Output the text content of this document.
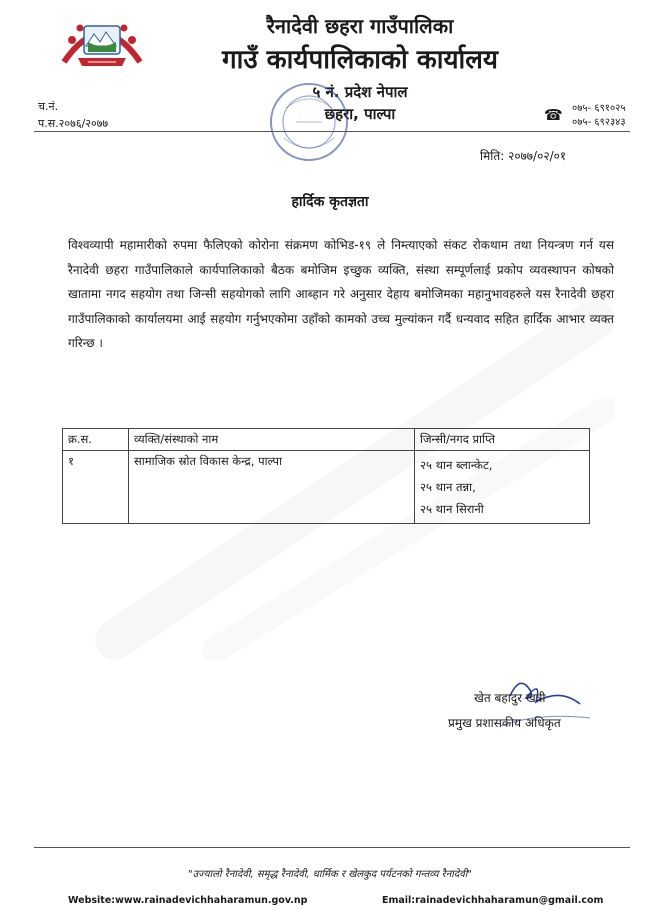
रैनादेवी छहरा गाउँपालिका
गाउँ कार्यपालिकाको कार्यालय
५ नं. प्रदेश नेपाल
छहरा, पाल्पा
च.नं.
प.स.२०७६/२०७७	☎ ०७५- ६९१०२५
०७५- ६९२३४३
मिति: २०७७/०२/०१
हार्दिक कृतज्ञता
विश्वव्यापी महामारीको रुपमा फैलिएको कोरोना संक्रमण कोभिड-१९ ले निम्त्याएको संकट रोकथाम तथा नियन्त्रण गर्न यस रैनादेवी छहरा गाउँपालिकाले कार्यपालिकाको बैठक बमोजिम इच्छुक व्यक्ति, संस्था सम्पूर्णलाई प्रकोप व्यवस्थापन कोषको खातामा नगद सहयोग तथा जिन्सी सहयोगको लागि आब्हान गरे अनुसार देहाय बमोजिमका महानुभावहरुले यस रैनादेवी छहरा गाउँपालिकाको कार्यालयमा आई सहयोग गर्नुभएकोमा उहाँको कामको उच्च मुल्यांकन गर्दै धन्यवाद सहित हार्दिक आभार व्यक्त गरिन्छ ।
क्र.स.	व्यक्ति/संस्थाको नाम	जिन्सी/नगद प्राप्ति
१	सामाजिक स्रोत विकास केन्द्र, पाल्पा	२५ थान ब्लान्केट,
२५ थान तन्ना,
२५ थान सिरानी
खेत बहादुर खत्री
प्रमुख प्रशासकीय अधिकृत
"उज्यालो रैनादेवी, समृद्ध रैनादेवी, धार्मिक र खेलकुद पर्यटनको गन्तव्य रैनादेवी"
Website:www.rainadevichhaharamun.gov.np	Email:rainadevichhaharamun@gmail.com
